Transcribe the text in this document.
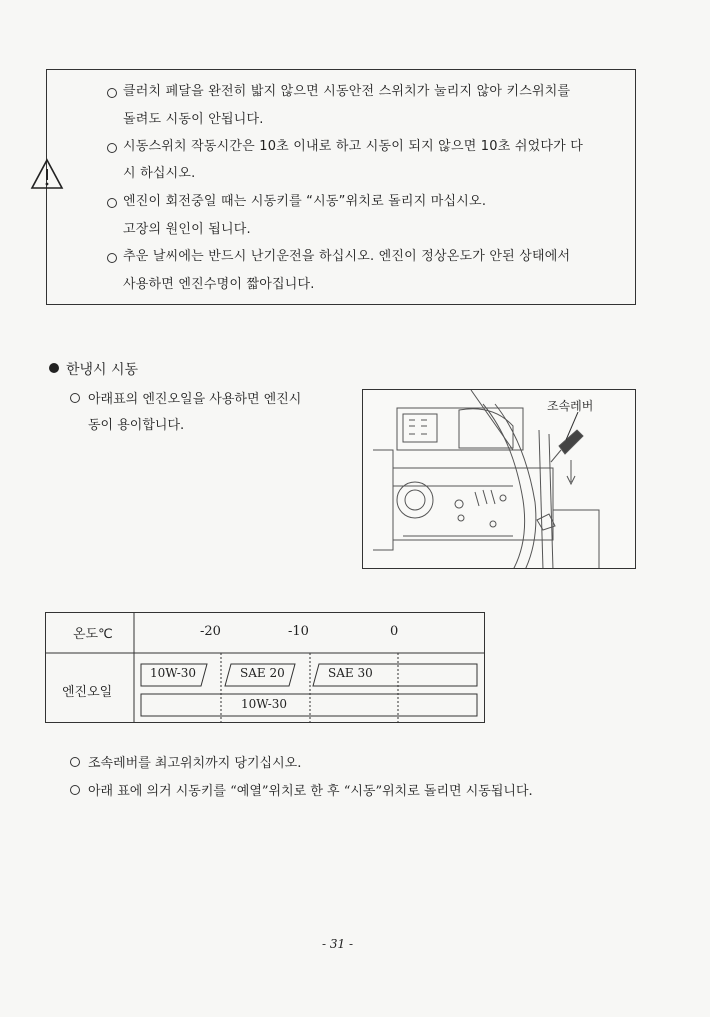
클러치 페달을 완전히 밟지 않으면 시동안전 스위치가 눌리지 않아 키스위치를
돌려도 시동이 안됩니다.
시동스위치 작동시간은 10초 이내로 하고 시동이 되지 않으면 10초 쉬었다가 다
시 하십시오.
엔진이 회전중일 때는 시동키를 “시동”위치로 돌리지 마십시오.
고장의 원인이 됩니다.
추운 날씨에는 반드시 난기운전을 하십시오. 엔진이 정상온도가 안된 상태에서
사용하면 엔진수명이 짧아집니다.
한냉시 시동
아래표의 엔진오일을 사용하면 엔진시
동이 용이합니다.
조속레버
온도℃	-20	-10	0
엔진오일
10W-30	SAE 20	SAE 30
10W-30
조속레버를 최고위치까지 당기십시오.
아래 표에 의거 시동키를 “예열”위치로 한 후 “시동”위치로 돌리면 시동됩니다.
- 31 -
